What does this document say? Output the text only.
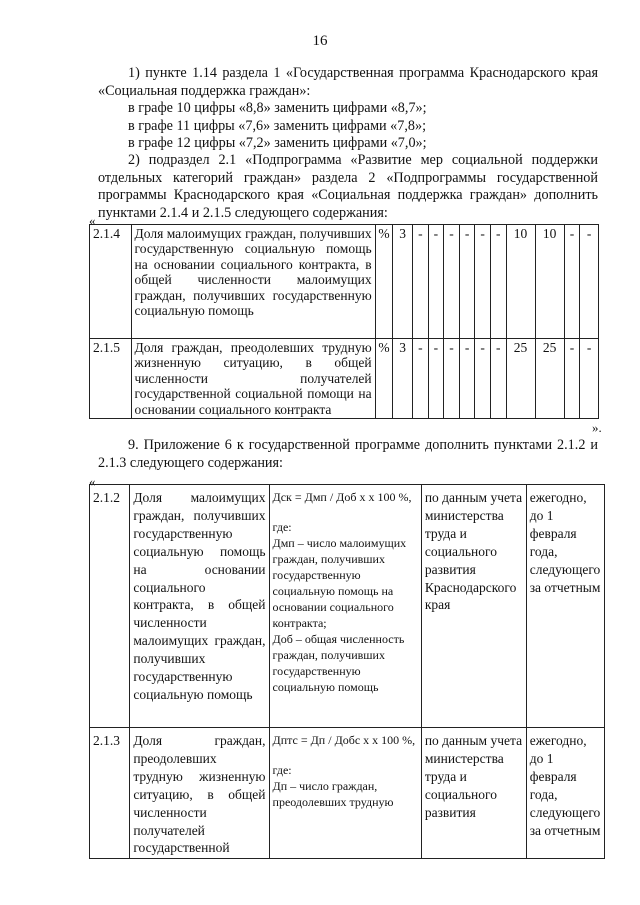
16
1) пункте 1.14 раздела 1 «Государственная программа Краснодарского края «Социальная поддержка граждан»:
в графе 10 цифры «8,8» заменить цифрами «8,7»;
в графе 11 цифры «7,6» заменить цифрами «7,8»;
в графе 12 цифры «7,2» заменить цифрами «7,0»;
2) подраздел 2.1 «Подпрограмма «Развитие мер социальной поддержки отдельных категорий граждан» раздела 2 «Подпрограммы государственной программы Краснодарского края «Социальная поддержка граждан» дополнить пунктами 2.1.4 и 2.1.5 следующего содержания:
«
2.1.4	Доля малоимущих граждан, получивших государственную социальную помощь на основании социального контракта, в общей численности малоимущих граждан, получивших государственную социальную помощь	%	3	-	-	-	-	-	-	10	10	-	-
2.1.5	Доля граждан, преодолевших трудную жизненную ситуацию, в общей численности получателей государственной социальной помощи на основании социального контракта	%	3	-	-	-	-	-	-	25	25	-	-
».
9. Приложение 6 к государственной программе дополнить пунктами 2.1.2 и 2.1.3 следующего содержания:
«
2.1.2	Доля малоимущих граждан, получивших государственную социальную помощь на основании социального контракта, в общей численности малоимущих граждан, получивших государственную социальную помощь	Дск = Дмп / Доб х х 100 %,
где:
Дмп – число малоимущих граждан, получивших государственную социальную помощь на основании социального контракта;
Доб – общая численность граждан, получивших государственную социальную помощь	по данным учета министерства труда и социального развития Краснодарского края	ежегодно, до 1 февраля года, следующего за отчетным
2.1.3	Доля граждан, преодолевших трудную жизненную ситуацию, в общей численности получателей государственной	Дптс = Дп / Добс х х 100 %,
где:
Дп – число граждан, преодолевших трудную	по данным учета министерства труда и социального развития	ежегодно, до 1 февраля года, следующего за отчетным
